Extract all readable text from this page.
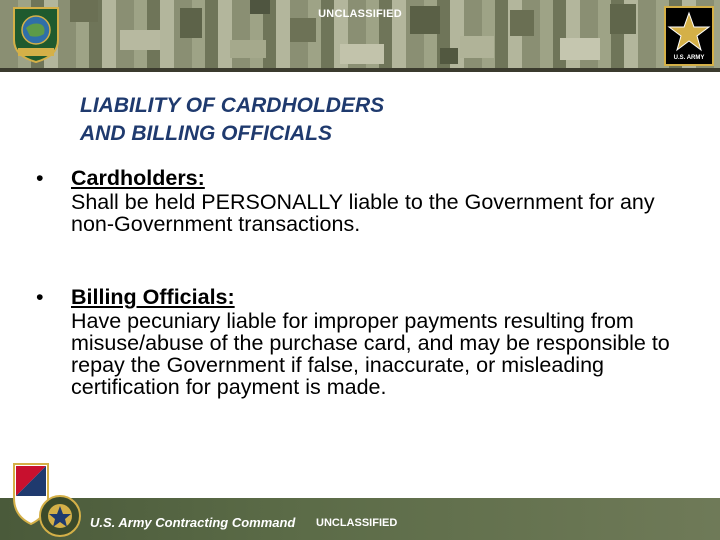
UNCLASSIFIED
U.S. ARMY
LIABILITY OF CARDHOLDERS
AND BILLING OFFICIALS
•	Cardholders:
Shall be held PERSONALLY liable to the Government for any non-Government transactions.
•	Billing Officials:
Have pecuniary liable for improper payments resulting from misuse/abuse of the purchase card, and may be responsible to repay the Government if false, inaccurate, or misleading certification for payment is made.
U.S. Army Contracting Command UNCLASSIFIED
